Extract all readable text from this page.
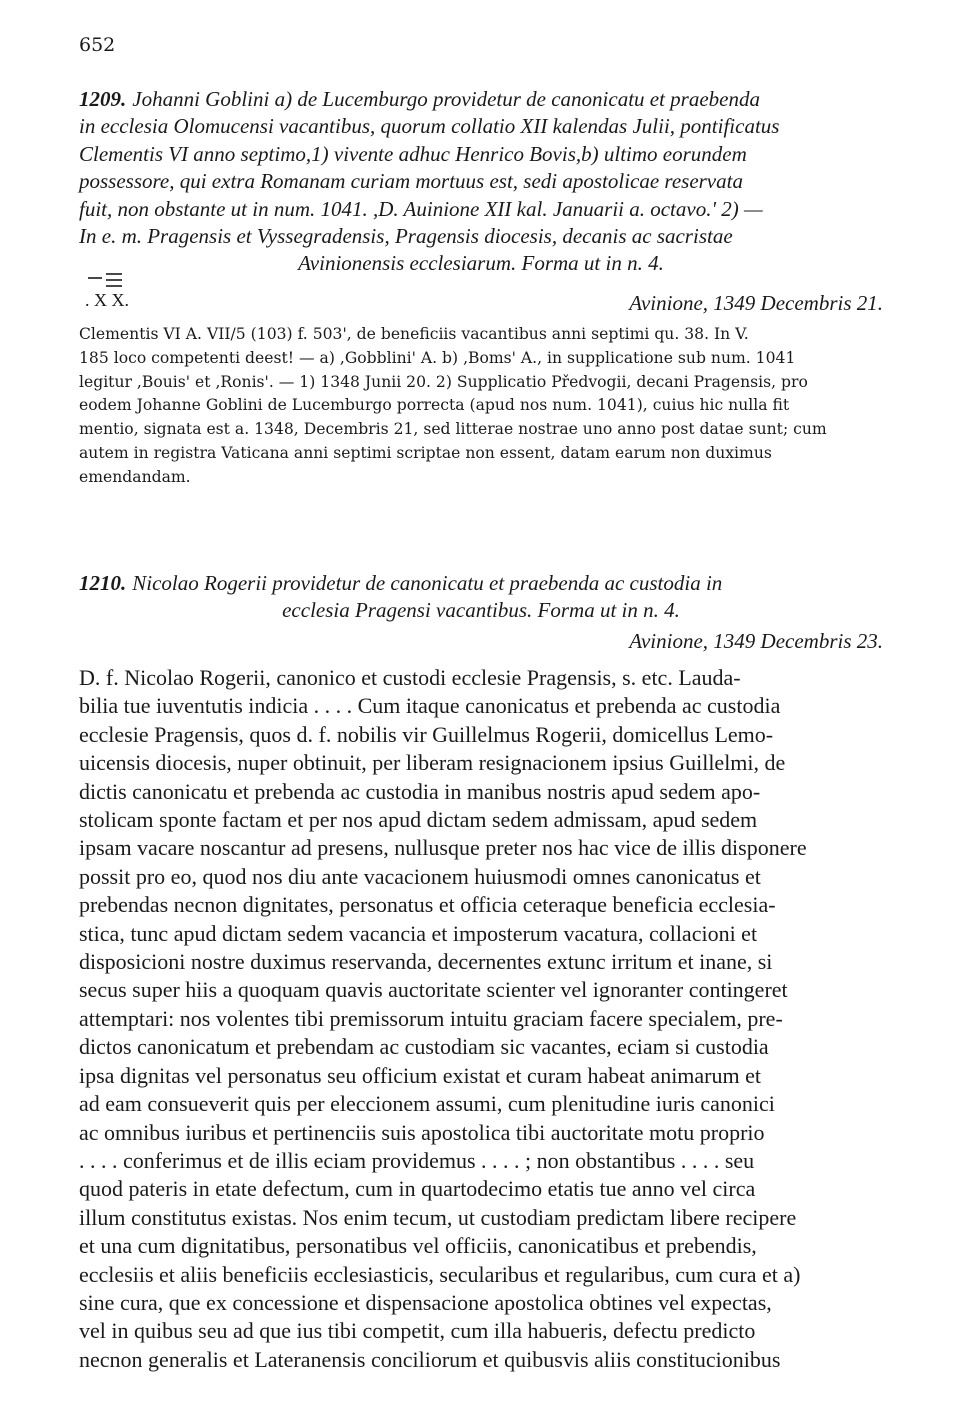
652
1209. Johanni Goblini a) de Lucemburgo providetur de canonicatu et praebenda
in ecclesia Olomucensi vacantibus, quorum collatio XII kalendas Julii, pontificatus
Clementis VI anno septimo,1) vivente adhuc Henrico Bovis,b) ultimo eorundem
possessore, qui extra Romanam curiam mortuus est, sedi apostolicae reservata
fuit, non obstante ut in num. 1041. ,D. Auinione XII kal. Januarii a. octavo.' 2) —
In e. m. Pragensis et Vyssegradensis, Pragensis diocesis, decanis ac sacristae
Avinionensis ecclesiarum. Forma ut in n. 4.
. X X.	Avinione, 1349 Decembris 21.
Clementis VI A. VII/5 (103) f. 503', de beneficiis vacantibus anni septimi qu. 38. In V.
185 loco competenti deest! — a) ,Gobblini' A. b) ,Boms' A., in supplicatione sub num. 1041
legitur ,Bouis' et ,Ronis'. — 1) 1348 Junii 20. 2) Supplicatio Předvogii, decani Pragensis, pro
eodem Johanne Goblini de Lucemburgo porrecta (apud nos num. 1041), cuius hic nulla fit
mentio, signata est a. 1348, Decembris 21, sed litterae nostrae uno anno post datae sunt; cum
autem in registra Vaticana anni septimi scriptae non essent, datam earum non duximus
emendandam.
1210. Nicolao Rogerii providetur de canonicatu et praebenda ac custodia in
ecclesia Pragensi vacantibus. Forma ut in n. 4.
Avinione, 1349 Decembris 23.

D. f. Nicolao Rogerii, canonico et custodi ecclesie Pragensis, s. etc. Lauda-

bilia tue iuventutis indicia . . . . Cum itaque canonicatus et prebenda ac custodia

ecclesie Pragensis, quos d. f. nobilis vir Guillelmus Rogerii, domicellus Lemo-

uicensis diocesis, nuper obtinuit, per liberam resignacionem ipsius Guillelmi, de

dictis canonicatu et prebenda ac custodia in manibus nostris apud sedem apo-

stolicam sponte factam et per nos apud dictam sedem admissam, apud sedem

ipsam vacare noscantur ad presens, nullusque preter nos hac vice de illis disponere

possit pro eo, quod nos diu ante vacacionem huiusmodi omnes canonicatus et

prebendas necnon dignitates, personatus et officia ceteraque beneficia ecclesia-

stica, tunc apud dictam sedem vacancia et imposterum vacatura, collacioni et

disposicioni nostre duximus reservanda, decernentes extunc irritum et inane, si

secus super hiis a quoquam quavis auctoritate scienter vel ignoranter contingeret

attemptari: nos volentes tibi premissorum intuitu graciam facere specialem, pre-

dictos canonicatum et prebendam ac custodiam sic vacantes, eciam si custodia

ipsa dignitas vel personatus seu officium existat et curam habeat animarum et

ad eam consueverit quis per eleccionem assumi, cum plenitudine iuris canonici

ac omnibus iuribus et pertinenciis suis apostolica tibi auctoritate motu proprio

. . . . conferimus et de illis eciam providemus . . . . ; non obstantibus . . . . seu

quod pateris in etate defectum, cum in quartodecimo etatis tue anno vel circa

illum constitutus existas. Nos enim tecum, ut custodiam predictam libere recipere

et una cum dignitatibus, personatibus vel officiis, canonicatibus et prebendis,

ecclesiis et aliis beneficiis ecclesiasticis, secularibus et regularibus, cum cura et a)

sine cura, que ex concessione et dispensacione apostolica obtines vel expectas,

vel in quibus seu ad que ius tibi competit, cum illa habueris, defectu predicto

necnon generalis et Lateranensis conciliorum et quibusvis aliis constitucionibus
